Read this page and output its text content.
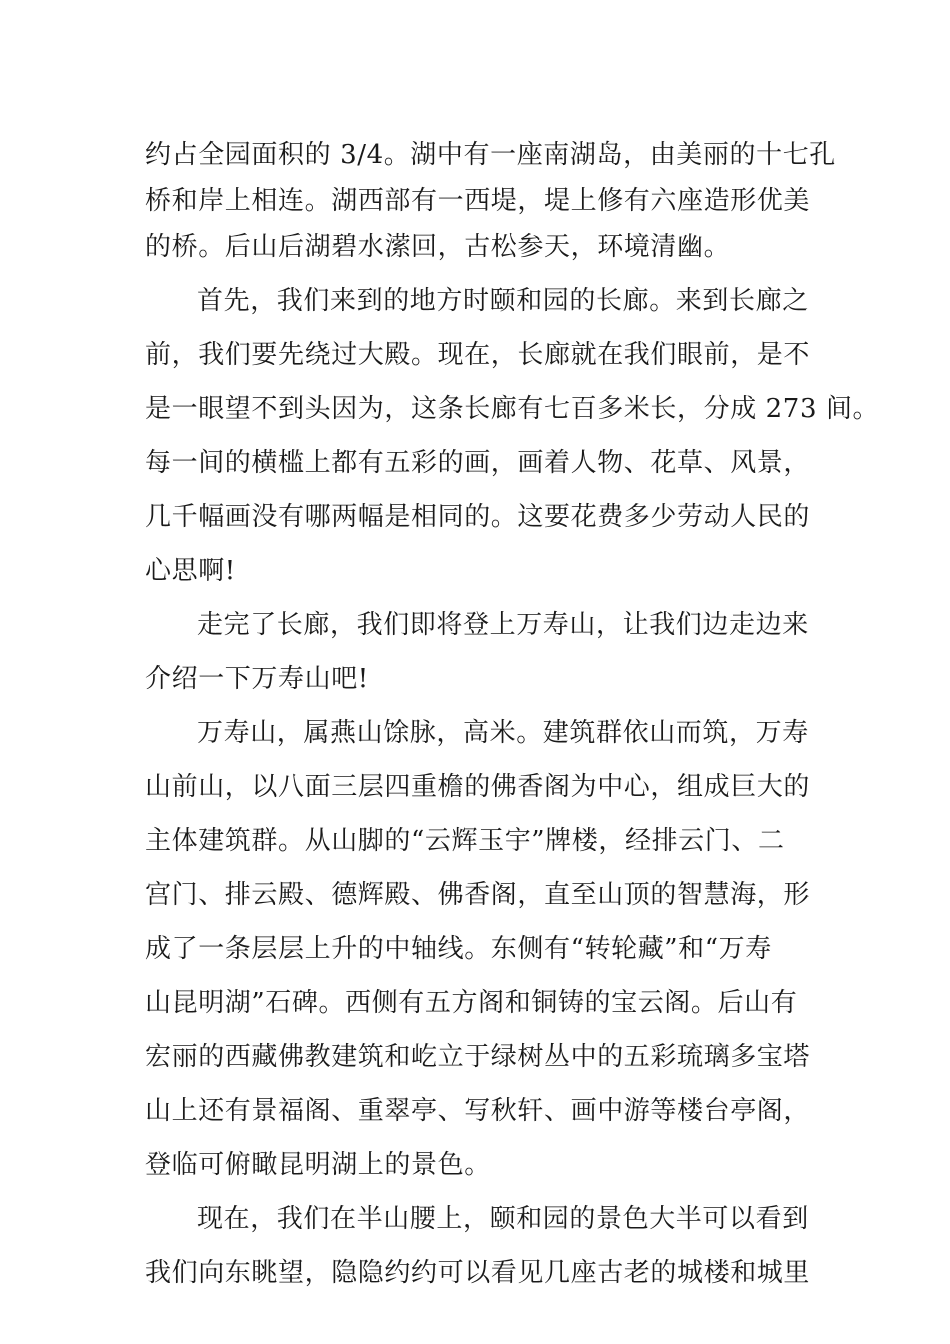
约占全园面积的 3/4。湖中有一座南湖岛，由美丽的十七孔
桥和岸上相连。湖西部有一西堤，堤上修有六座造形优美
的桥。后山后湖碧水潆回，古松参天，环境清幽。
首先，我们来到的地方时颐和园的长廊。来到长廊之
前，我们要先绕过大殿。现在，长廊就在我们眼前，是不
是一眼望不到头因为，这条长廊有七百多米长，分成 273 间。
每一间的横槛上都有五彩的画，画着人物、花草、风景，
几千幅画没有哪两幅是相同的。这要花费多少劳动人民的
心思啊!
走完了长廊，我们即将登上万寿山，让我们边走边来
介绍一下万寿山吧!
万寿山，属燕山馀脉，高米。建筑群依山而筑，万寿
山前山，以八面三层四重檐的佛香阁为中心，组成巨大的
主体建筑群。从山脚的“云辉玉宇”牌楼，经排云门、二
宫门、排云殿、德辉殿、佛香阁，直至山顶的智慧海，形
成了一条层层上升的中轴线。东侧有“转轮藏”和“万寿
山昆明湖”石碑。西侧有五方阁和铜铸的宝云阁。后山有
宏丽的西藏佛教建筑和屹立于绿树丛中的五彩琉璃多宝塔
山上还有景福阁、重翠亭、写秋轩、画中游等楼台亭阁，
登临可俯瞰昆明湖上的景色。
现在，我们在半山腰上，颐和园的景色大半可以看到
我们向东眺望，隐隐约约可以看见几座古老的城楼和城里
